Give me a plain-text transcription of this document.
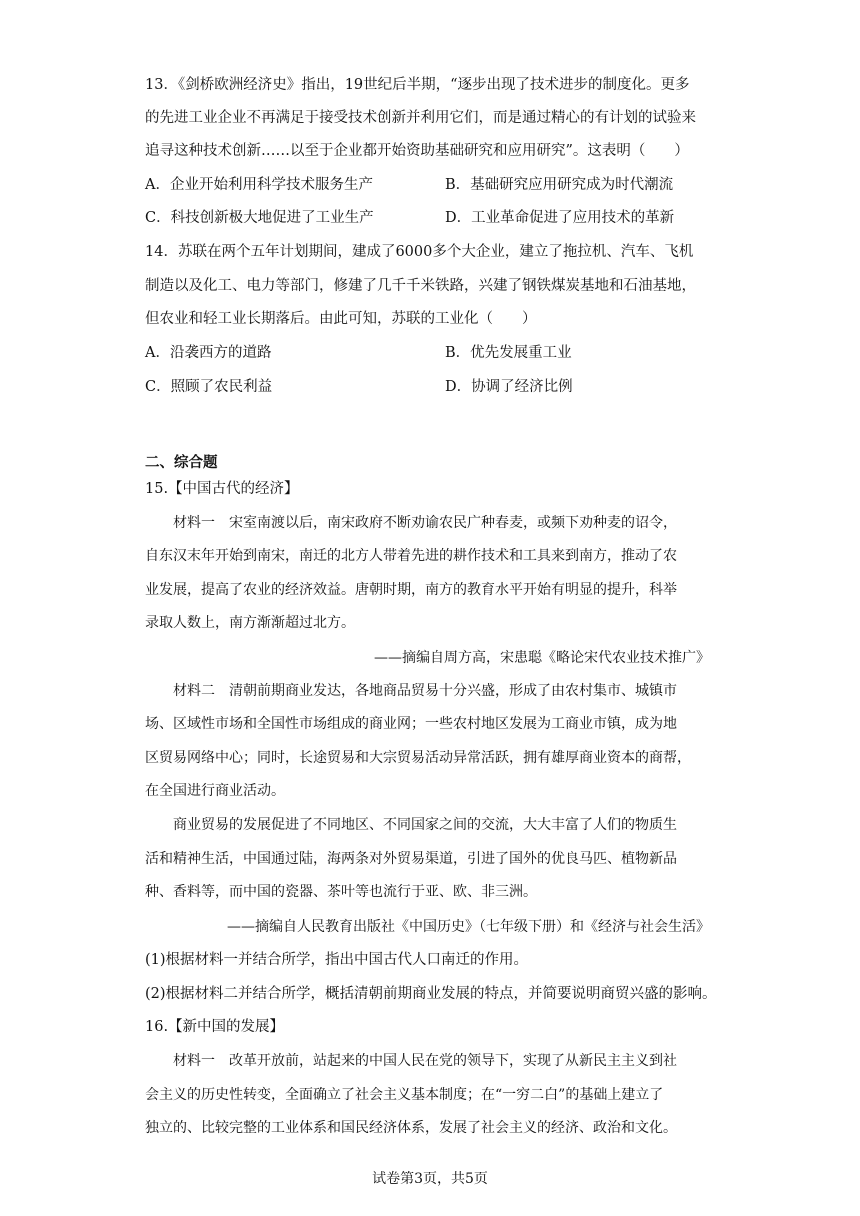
13．《剑桥欧洲经济史》指出，19世纪后半期，“逐步出现了技术进步的制度化。更多
的先进工业企业不再满足于接受技术创新并利用它们，而是通过精心的有计划的试验来
追寻这种技术创新……以至于企业都开始资助基础研究和应用研究”。这表明（　　）
A．企业开始利用科学技术服务生产	B．基础研究应用研究成为时代潮流
C．科技创新极大地促进了工业生产	D．工业革命促进了应用技术的革新
14．苏联在两个五年计划期间，建成了6000多个大企业，建立了拖拉机、汽车、飞机
制造以及化工、电力等部门，修建了几千千米铁路，兴建了钢铁煤炭基地和石油基地，
但农业和轻工业长期落后。由此可知，苏联的工业化（　　）
A．沿袭西方的道路	B．优先发展重工业
C．照顾了农民利益	D．协调了经济比例
二、综合题
15.【中国古代的经济】
材料一　宋室南渡以后，南宋政府不断劝谕农民广种春麦，或频下劝种麦的诏令，
自东汉末年开始到南宋，南迁的北方人带着先进的耕作技术和工具来到南方，推动了农
业发展，提高了农业的经济效益。唐朝时期，南方的教育水平开始有明显的提升，科举
录取人数上，南方渐渐超过北方。
——摘编自周方高，宋患聪《略论宋代农业技术推广》
材料二　清朝前期商业发达，各地商品贸易十分兴盛，形成了由农村集市、城镇市
场、区域性市场和全国性市场组成的商业网；一些农村地区发展为工商业市镇，成为地
区贸易网络中心；同时，长途贸易和大宗贸易活动异常活跃，拥有雄厚商业资本的商帮，
在全国进行商业活动。
商业贸易的发展促进了不同地区、不同国家之间的交流，大大丰富了人们的物质生
活和精神生活，中国通过陆，海两条对外贸易渠道，引进了国外的优良马匹、植物新品
种、香料等，而中国的瓷器、茶叶等也流行于亚、欧、非三洲。
——摘编自人民教育出版社《中国历史》（七年级下册）和《经济与社会生活》
(1)根据材料一并结合所学，指出中国古代人口南迁的作用。
(2)根据材料二并结合所学，概括清朝前期商业发展的特点，并简要说明商贸兴盛的影响。
16.【新中国的发展】
材料一　改革开放前，站起来的中国人民在党的领导下，实现了从新民主主义到社
会主义的历史性转变，全面确立了社会主义基本制度；在“一穷二白”的基础上建立了
独立的、比较完整的工业体系和国民经济体系，发展了社会主义的经济、政治和文化。
试卷第3页，共5页
